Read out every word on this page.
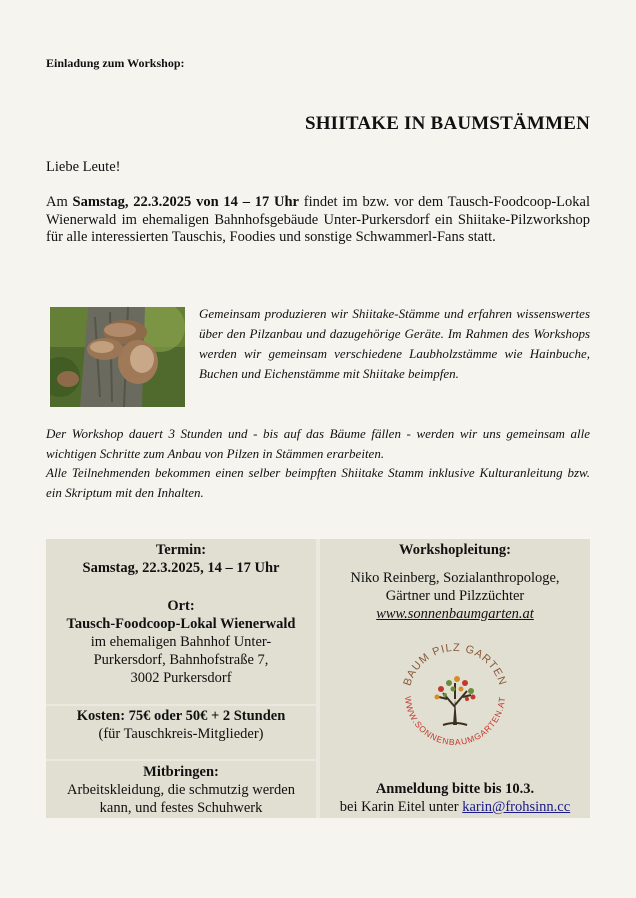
Einladung zum Workshop:
SHIITAKE IN BAUMSTÄMMEN
Liebe Leute!
Am Samstag, 22.3.2025 von 14 – 17 Uhr findet im bzw. vor dem Tausch-Foodcoop-Lokal Wienerwald im ehemaligen Bahnhofsgebäude Unter-Purkersdorf ein Shiitake-Pilzworkshop für alle interessierten Tauschis, Foodies und sonstige Schwammerl-Fans statt.
Gemeinsam produzieren wir Shiitake-Stämme und erfahren wissenswertes über den Pilzanbau und dazugehörige Geräte. Im Rahmen des Workshops werden wir gemeinsam verschiedene Laubholzstämme wie Hainbuche, Buchen und Eichenstämme mit Shiitake beimpfen.
Der Workshop dauert 3 Stunden und - bis auf das Bäume fällen - werden wir uns gemeinsam alle wichtigen Schritte zum Anbau von Pilzen in Stämmen erarbeiten.
Alle Teilnehmenden bekommen einen selber beimpften Shiitake Stamm inklusive Kulturanleitung bzw. ein Skriptum mit den Inhalten.
Termin:
Samstag, 22.3.2025, 14 – 17 Uhr
Ort:
Tausch-Foodcoop-Lokal Wienerwald
im ehemaligen Bahnhof Unter-
Purkersdorf, Bahnhofstraße 7,
3002 Purkersdorf
Kosten: 75€ oder 50€ + 2 Stunden
(für Tauschkreis-Mitglieder)
Mitbringen:
Arbeitskleidung, die schmutzig werden
kann, und festes Schuhwerk
Workshopleitung:
Niko Reinberg, Sozialanthropologe,
Gärtner und Pilzzüchter
www.sonnenbaumgarten.at
BAUM PILZ GARTEN
WWW.SONNENBAUMGARTEN.AT
Anmeldung bitte bis 10.3.
bei Karin Eitel unter karin@frohsinn.cc
